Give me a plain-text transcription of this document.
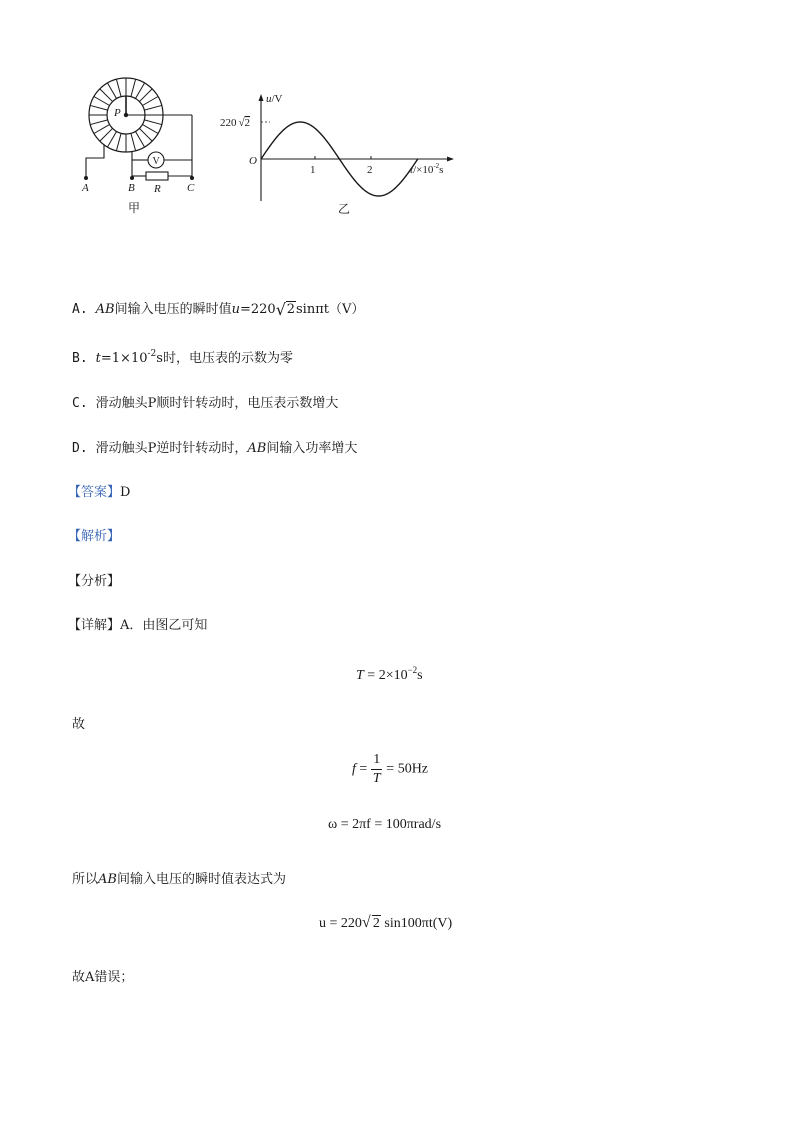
P
V
A	B R C
甲
u/V
220 √2
O
1	2	$t/\times 10^{-2}s$
乙
A. AB间输入电压的瞬时值u=220 √ 2sinπt（V）
B. $t=1\times 10^{-2}s$时，电压表的示数为零
C. 滑动触头P顺时针转动时，电压表示数增大
D. 滑动触头P逆时针转动时，AB间输入功率增大
【答案】D
【解析】
【分析】
【详解】A．由图乙可知
$T = 2\times 10^{-2}s$
故
$f = \frac{1}{T} = 50Hz$
ω = 2πf = 100πrad/s
所以AB间输入电压的瞬时值表达式为
u = 220 √ 2 sin100πt(V)
故A错误；
